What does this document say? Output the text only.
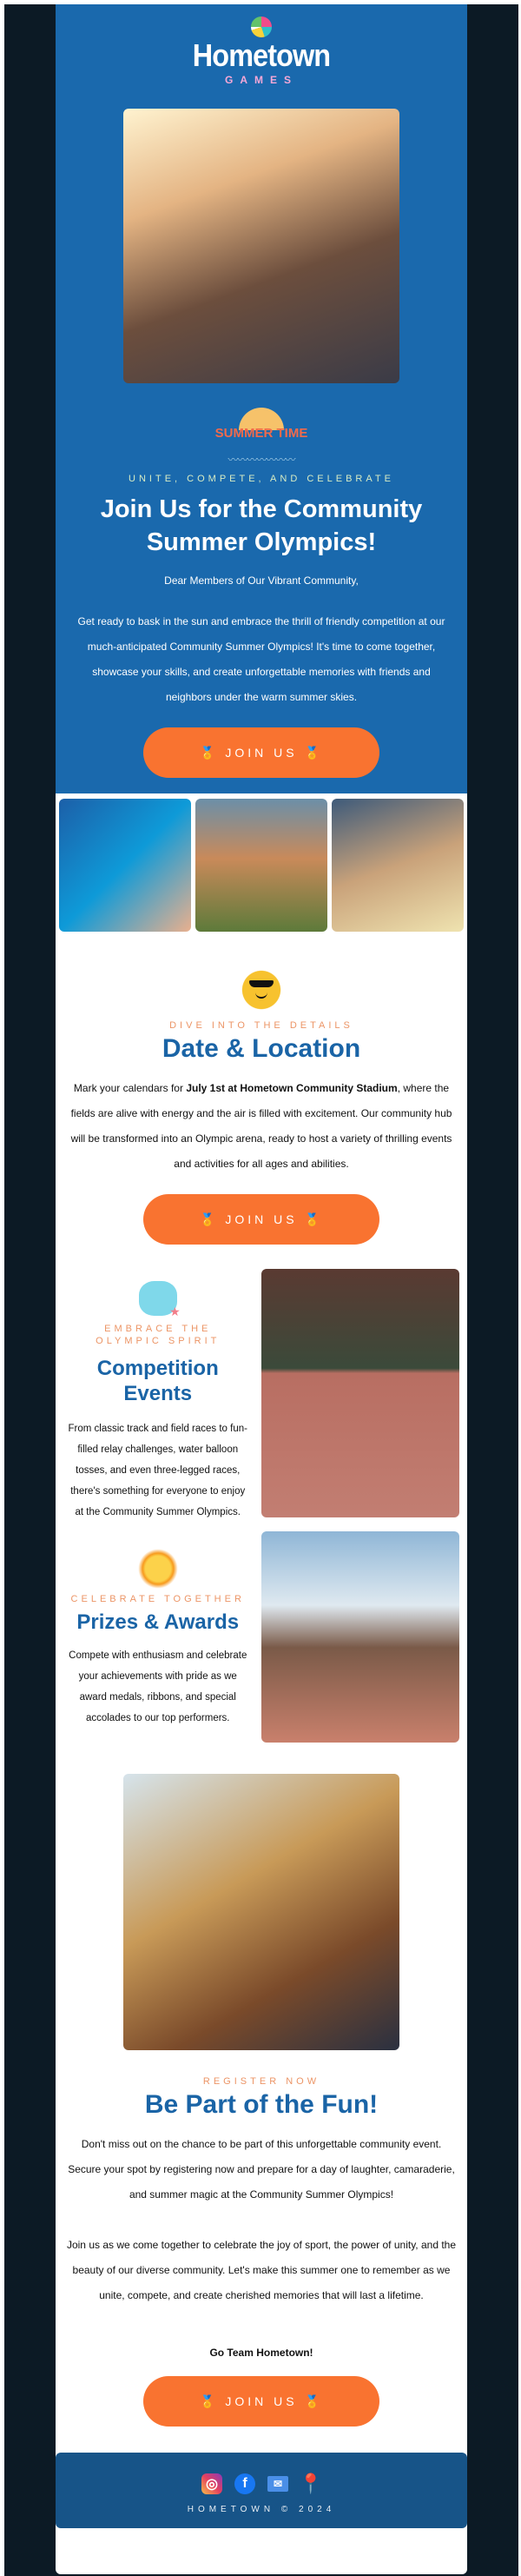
Hometown
GAMES
SUMMER TIME
〰〰〰〰〰〰〰
UNITE, COMPETE, AND CELEBRATE
Join Us for the Community Summer Olympics!

Dear Members of Our Vibrant Community,

Get ready to bask in the sun and embrace the thrill of friendly competition at our much-anticipated Community Summer Olympics! It's time to come together, showcase your skills, and create unforgettable memories with friends and neighbors under the warm summer skies.

🏅 JOIN US 🏅
DIVE INTO THE DETAILS
Date & Location

Mark your calendars for July 1st at Hometown Community Stadium, where the fields are alive with energy and the air is filled with excitement. Our community hub will be transformed into an Olympic arena, ready to host a variety of thrilling events and activities for all ages and abilities.

🏅 JOIN US 🏅
★
EMBRACE THE OLYMPIC SPIRIT
Competition Events

From classic track and field races to fun-filled relay challenges, water balloon tosses, and even three-legged races, there's something for everyone to enjoy at the Community Summer Olympics.

CELEBRATE TOGETHER
Prizes & Awards

Compete with enthusiasm and celebrate your achievements with pride as we award medals, ribbons, and special accolades to our top performers.

REGISTER NOW
Be Part of the Fun!

Don't miss out on the chance to be part of this unforgettable community event. Secure your spot by registering now and prepare for a day of laughter, camaraderie, and summer magic at the Community Summer Olympics!

Join us as we come together to celebrate the joy of sport, the power of unity, and the beauty of our diverse community. Let's make this summer one to remember as we unite, compete, and create cherished memories that will last a lifetime.

Go Team Hometown!

🏅 JOIN US 🏅
◎	f	✉ 📍
HOMETOWN © 2024
